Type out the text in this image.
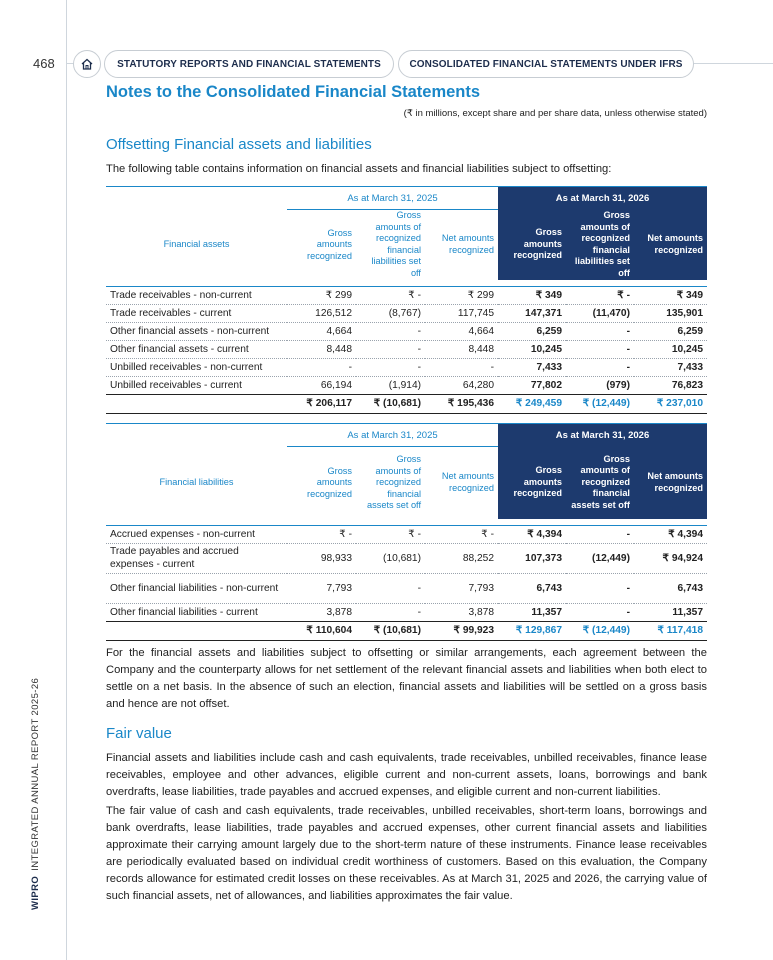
468	STATUTORY REPORTS AND FINANCIAL STATEMENTS	CONSOLIDATED FINANCIAL STATEMENTS UNDER IFRS
Notes to the Consolidated Financial Statements
(₹ in millions, except share and per share data, unless otherwise stated)
Offsetting Financial assets and liabilities
The following table contains information on financial assets and financial liabilities subject to offsetting:

	As at March 31, 2025			As at March 31, 2026		
Financial assets	Gross amounts recognized	Gross amounts of recognized financial liabilities set off	Net amounts recognized	Gross amounts recognized	Gross amounts of recognized financial liabilities set off	Net amounts recognized

Trade receivables - non-current	₹ 299	₹ -	₹ 299	₹ 349	₹ -	₹ 349
Trade receivables - current	126,512	(8,767)	117,745	147,371	(11,470)	135,901
Other financial assets - non-current	4,664	-	4,664	6,259	-	6,259
Other financial assets - current	8,448	-	8,448	10,245	-	10,245
Unbilled receivables - non-current	-	-	-	7,433	-	7,433
Unbilled receivables - current	66,194	(1,914)	64,280	77,802	(979)	76,823
	₹ 206,117	₹ (10,681)	₹ 195,436	₹ 249,459	₹ (12,449)	₹ 237,010

	As at March 31, 2025			As at March 31, 2026		
Financial liabilities	Gross amounts recognized	Gross amounts of recognized financial assets set off	Net amounts recognized	Gross amounts recognized	Gross amounts of recognized financial assets set off	Net amounts recognized

Accrued expenses - non-current	₹ -	₹ -	₹ -	₹ 4,394	-	₹ 4,394
Trade payables and accrued expenses - current	98,933	(10,681)	88,252	107,373	(12,449)	₹ 94,924
Other financial liabilities - non-current	7,793	-	7,793	6,743	-	6,743
Other financial liabilities - current	3,878	-	3,878	11,357	-	11,357
	₹ 110,604	₹ (10,681)	₹ 99,923	₹ 129,867	₹ (12,449)	₹ 117,418
For the financial assets and liabilities subject to offsetting or similar arrangements, each agreement between the Company and the counterparty allows for net settlement of the relevant financial assets and liabilities when both elect to settle on a net basis. In the absence of such an election, financial assets and liabilities will be settled on a gross basis and hence are not offset.
Fair value
Financial assets and liabilities include cash and cash equivalents, trade receivables, unbilled receivables, finance lease receivables, employee and other advances, eligible current and non-current assets, loans, borrowings and bank overdrafts, lease liabilities, trade payables and accrued expenses, and eligible current and non-current liabilities.
The fair value of cash and cash equivalents, trade receivables, unbilled receivables, short-term loans, borrowings and bank overdrafts, lease liabilities, trade payables and accrued expenses, other current financial assets and liabilities approximate their carrying amount largely due to the short-term nature of these instruments. Finance lease receivables are periodically evaluated based on individual credit worthiness of customers. Based on this evaluation, the Company records allowance for estimated credit losses on these receivables. As at March 31, 2025 and 2026, the carrying value of such financial assets, net of allowances, and liabilities approximates the fair value.
WIPROINTEGRATED ANNUAL REPORT 2025-26
